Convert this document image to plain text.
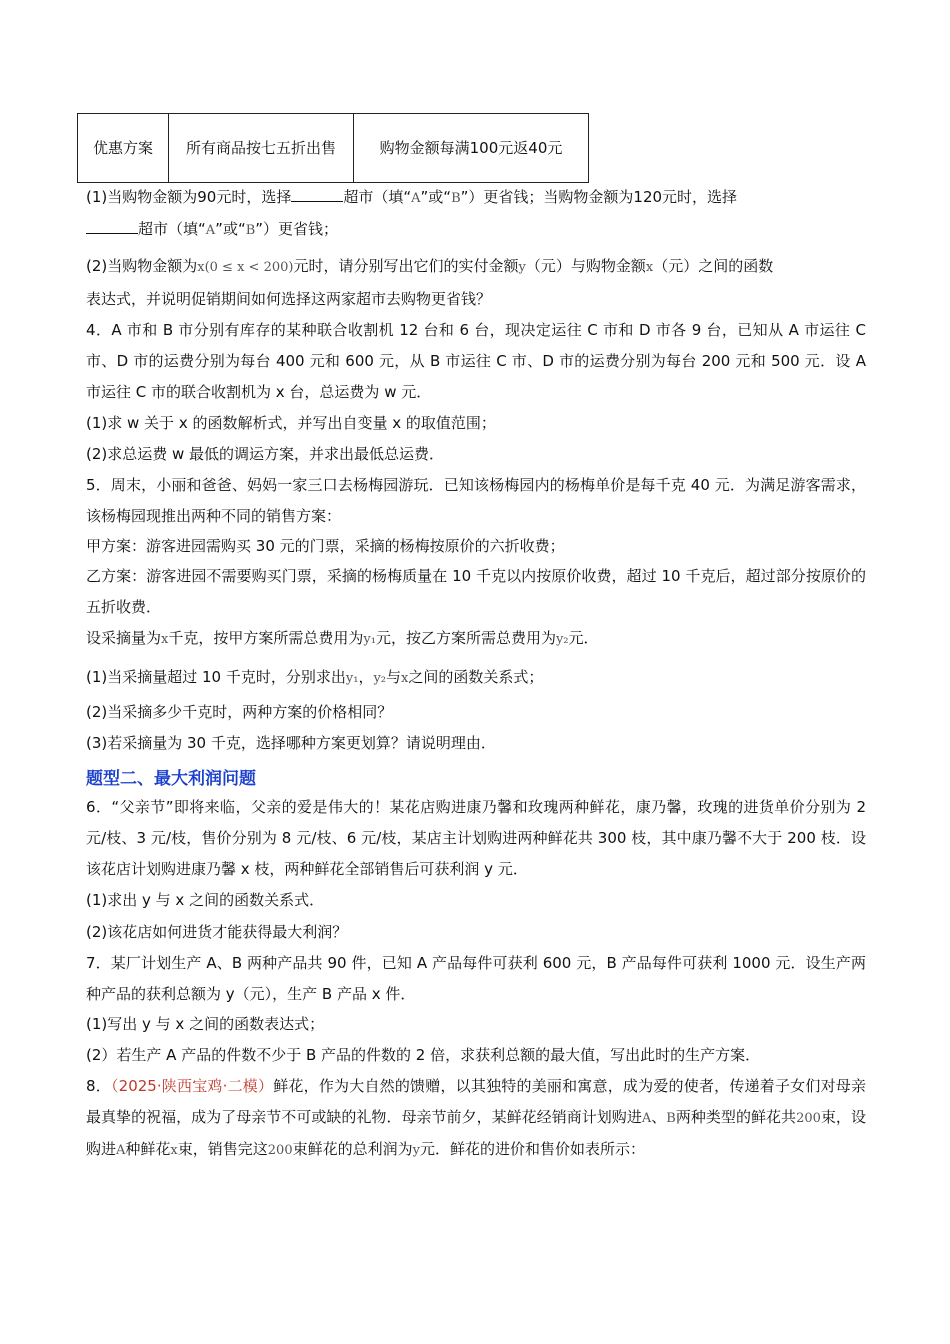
优惠方案	所有商品按七五折出售	购物金额每满100元返40元
(1)当购物金额为90元时，选择	超市（填“A”或“B”）更省钱；当购物金额为120元时，选择
超市（填“A”或“B”）更省钱；
(2)当购物金额为x(0 ≤ x < 200)元时，请分别写出它们的实付金额y（元）与购物金额x（元）之间的函数
表达式，并说明促销期间如何选择这两家超市去购物更省钱？
4．A 市和 B 市分别有库存的某种联合收割机 12 台和 6 台，现决定运往 C 市和 D 市各 9 台，已知从 A 市运往 C 市、D 市的运费分别为每台 400 元和 600 元，从 B 市运往 C 市、D 市的运费分别为每台 200 元和 500 元．设 A 市运往 C 市的联合收割机为 x 台，总运费为 w 元．
(1)求 w 关于 x 的函数解析式，并写出自变量 x 的取值范围；
(2)求总运费 w 最低的调运方案，并求出最低总运费．
5．周末，小丽和爸爸、妈妈一家三口去杨梅园游玩．已知该杨梅园内的杨梅单价是每千克 40 元．为满足游客需求，该杨梅园现推出两种不同的销售方案：
甲方案：游客进园需购买 30 元的门票，采摘的杨梅按原价的六折收费；
乙方案：游客进园不需要购买门票，采摘的杨梅质量在 10 千克以内按原价收费，超过 10 千克后，超过部分按原价的五折收费．
设采摘量为x千克，按甲方案所需总费用为y₁元，按乙方案所需总费用为y₂元．
(1)当采摘量超过 10 千克时，分别求出y₁，y₂与x之间的函数关系式；
(2)当采摘多少千克时，两种方案的价格相同？
(3)若采摘量为 30 千克，选择哪种方案更划算？请说明理由．
题型二、最大利润问题
6．“父亲节”即将来临，父亲的爱是伟大的！某花店购进康乃馨和玫瑰两种鲜花，康乃馨，玫瑰的进货单价分别为 2 元/枝、3 元/枝，售价分别为 8 元/枝、6 元/枝，某店主计划购进两种鲜花共 300 枝，其中康乃馨不大于 200 枝．设该花店计划购进康乃馨 x 枝，两种鲜花全部销售后可获利润 y 元．
(1)求出 y 与 x 之间的函数关系式．
(2)该花店如何进货才能获得最大利润？
7．某厂计划生产 A、B 两种产品共 90 件，已知 A 产品每件可获利 600 元，B 产品每件可获利 1000 元．设生产两种产品的获利总额为 y（元），生产 B 产品 x 件．
(1)写出 y 与 x 之间的函数表达式；
(2）若生产 A 产品的件数不少于 B 产品的件数的 2 倍，求获利总额的最大值，写出此时的生产方案．
8．（2025·陕西宝鸡·二模）鲜花，作为大自然的馈赠，以其独特的美丽和寓意，成为爱的使者，传递着子女们对母亲最真挚的祝福，成为了母亲节不可或缺的礼物．母亲节前夕，某鲜花经销商计划购进A、B两种类型的鲜花共200束，设购进A种鲜花x束，销售完这200束鲜花的总利润为y元．鲜花的进价和售价如表所示：
